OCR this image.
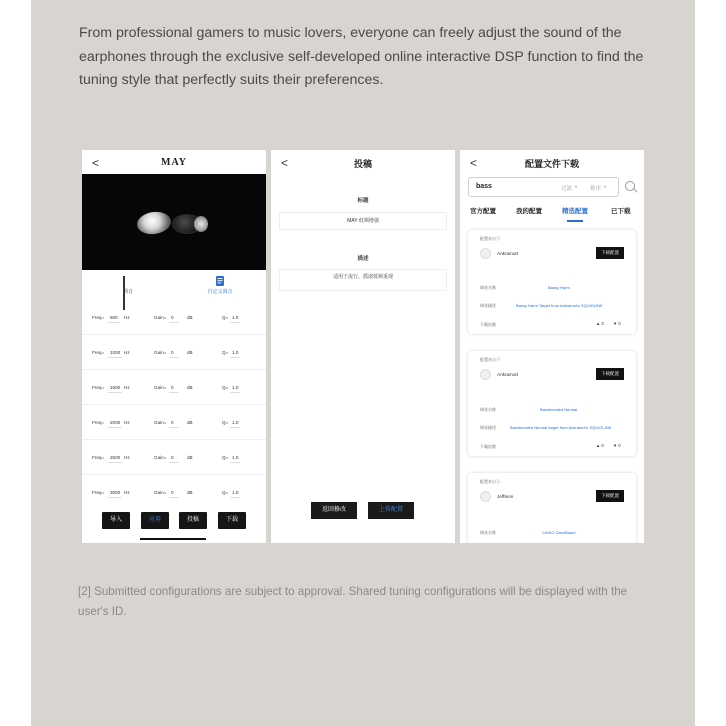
From professional gamers to music lovers, everyone can freely adjust the sound of the earphones through the exclusive self-developed online interactive DSP function to find the tuning style that perfectly suits their preferences.

<	MAY
调音	自定义调音
Freq=	500	Hz	Gain=	0	dB	Q= 1.0
Freq=	1000 Hz	Gain=	0	dB	Q= 1.0
Freq=	1500 Hz	Gain=	0	dB	Q= 1.0
Freq=	2000 Hz	Gain=	0	dB	Q= 1.0
Freq=	2500 Hz	Gain=	0	dB	Q= 1.0
Freq=	3000 Hz	Gain=	0	dB	Q= 1.0
导入	应用	投稿	下载
<	投稿
标题
MAY 低频增强
描述
适用于流行、摇滚低频重现
返回修改	上传配置
<	配置文件下载
bass	过滤 ▾ 排序 ▾
官方配置	我的配置	精选配置	已下载
配置来自于:
Ankramutt	下载配置
调音名称	Bassy Harm
调音描述	Bassy Harm Target from Ankramut's SQUIGLINK
下载次数	▲ 3 ▼ 0
配置来自于:
Ankramutt	下载配置
调音名称	Bassboosted Neutral
调音描述	Bassboosted Neutral target from Ankramut's SQUIGLINK
下载次数	▲ 0 ▼ 0
配置来自于:
Jeffteon	下载配置
调音名称	CASIO ClearBass+

[2] Submitted configurations are subject to approval. Shared tuning configurations will be displayed with the user's ID.
